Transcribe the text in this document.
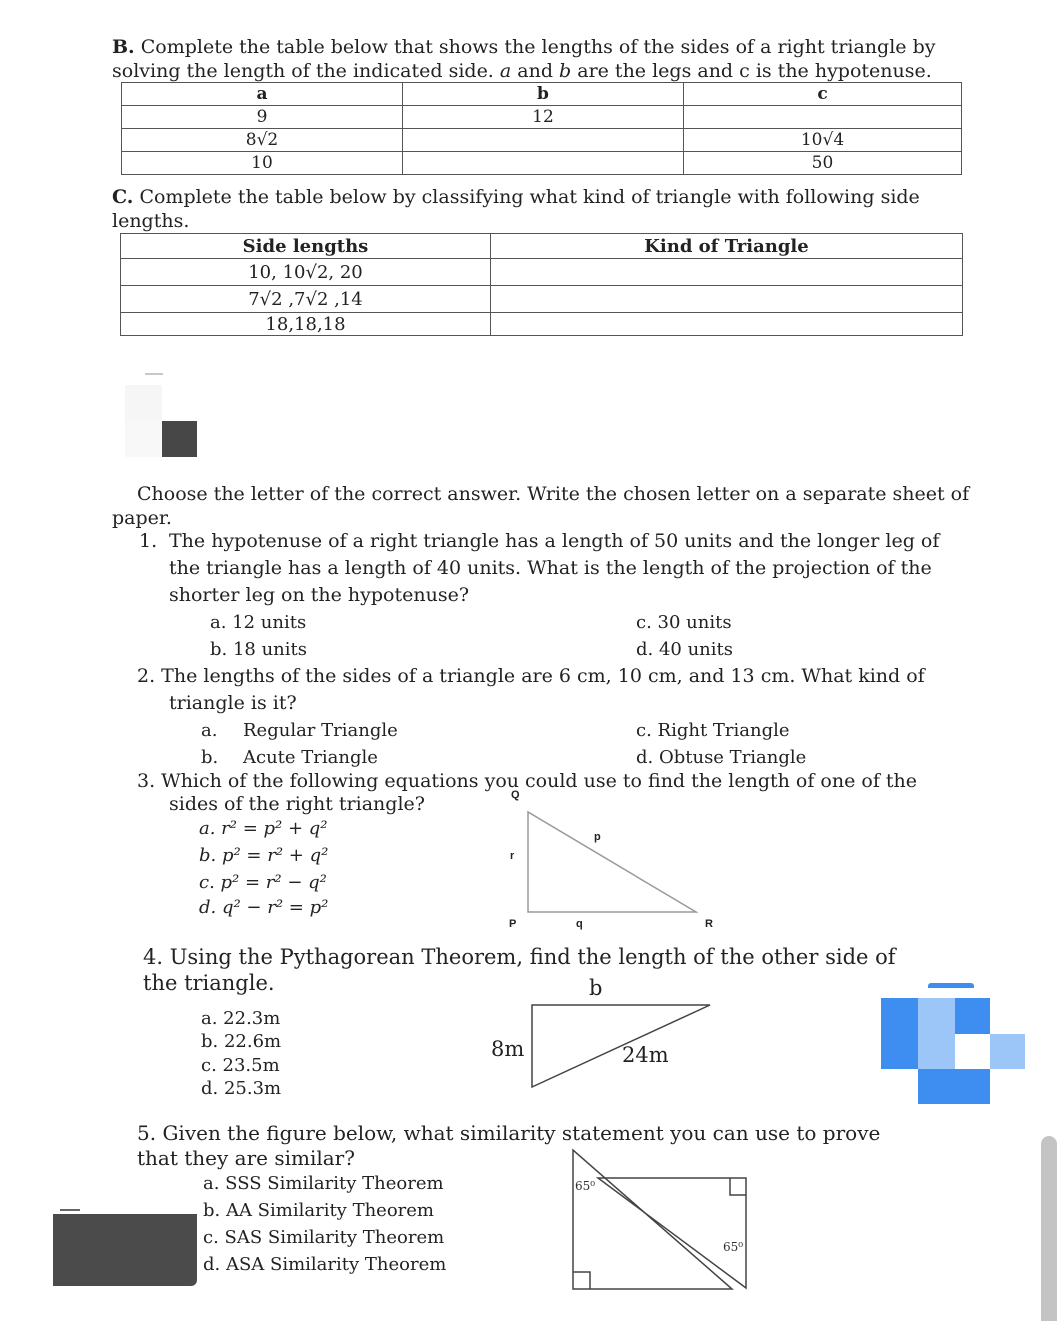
B. Complete the table below that shows the lengths of the sides of a right triangle by
solving the length of the indicated side. a and b are the legs and c is the hypotenuse.
a	b	c
9	12	
8√2		10√4
10		50
C. Complete the table below by classifying what kind of triangle with following side
lengths.
Side lengths	Kind of Triangle
10, 10√2, 20	
7√2 ,7√2 ,14	
18,18,18	
Choose the letter of the correct answer. Write the chosen letter on a separate sheet of
paper.
1. The hypotenuse of a right triangle has a length of 50 units and the longer leg of
the triangle has a length of 40 units. What is the length of the projection of the
shorter leg on the hypotenuse?
a. 12 units
b. 18 units
c. 30 units
d. 40 units
2. The lengths of the sides of a triangle are 6 cm, 10 cm, and 13 cm. What kind of
triangle is it?
a. Regular Triangle
b. Acute Triangle
c. Right Triangle
d. Obtuse Triangle
3. Which of the following equations you could use to find the length of one of the
sides of the right triangle?
a. r² = p² + q²
b. p² = r² + q²
c. p² = r² − q²
d. q² − r² = p²
Q
p
r
P	q	R
4. Using the Pythagorean Theorem, find the length of the other side of
the triangle.
a. 22.3m
b. 22.6m
c. 23.5m
d. 25.3m
b
8m	24m
5. Given the figure below, what similarity statement you can use to prove
that they are similar?
a. SSS Similarity Theorem
b. AA Similarity Theorem
c. SAS Similarity Theorem
d. ASA Similarity Theorem
65⁰
65⁰
